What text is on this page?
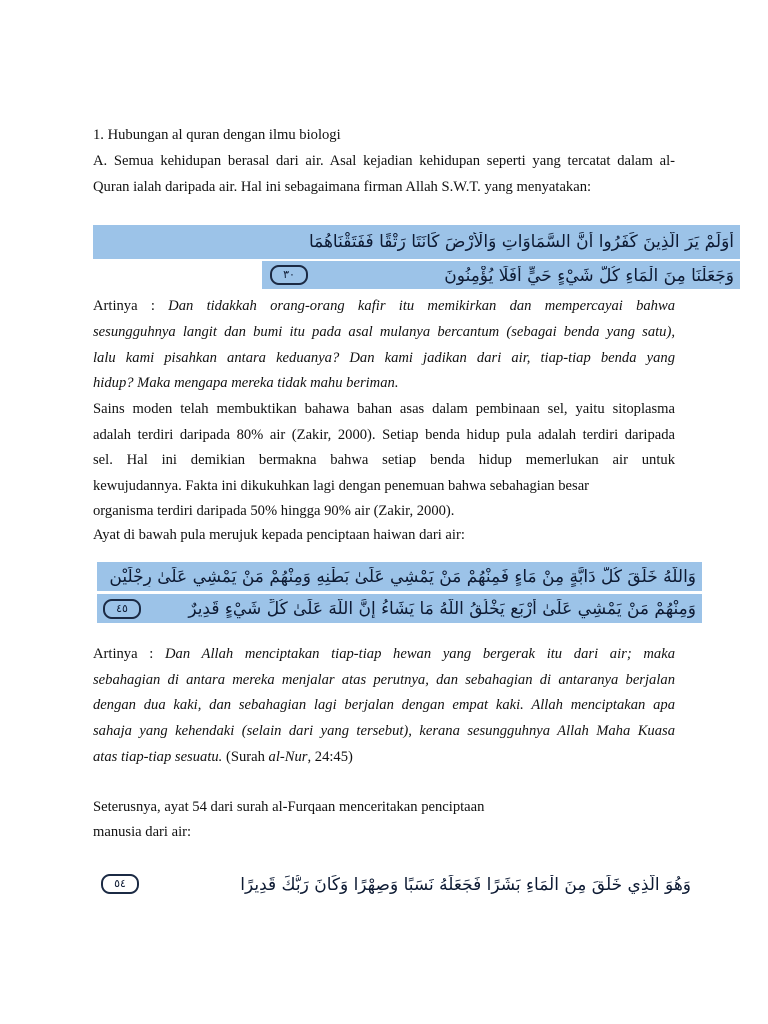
1. Hubungan al quran dengan ilmu biologi
A. Semua kehidupan berasal dari air. Asal kejadian kehidupan seperti yang tercatat dalam al-
Quran ialah daripada air. Hal ini sebagaimana firman Allah S.W.T. yang menyatakan:
أَوَلَمْ يَرَ الَّذِينَ كَفَرُوا أَنَّ السَّمَاوَاتِ وَالْأَرْضَ كَانَتَا رَتْقًا فَفَتَقْنَاهُمَا
وَجَعَلْنَا مِنَ الْمَاءِ كُلَّ شَيْءٍ حَيٍّ أَفَلَا يُؤْمِنُونَ
٣٠
Artinya : Dan tidakkah orang-orang kafir itu memikirkan dan mempercayai bahwa
sesungguhnya langit dan bumi itu pada asal mulanya bercantum (sebagai benda yang satu),
lalu kami pisahkan antara keduanya? Dan kami jadikan dari air, tiap-tiap benda yang
hidup? Maka mengapa mereka tidak mahu beriman.
Sains moden telah membuktikan bahawa bahan asas dalam pembinaan sel, yaitu sitoplasma
adalah terdiri daripada 80% air (Zakir, 2000). Setiap benda hidup pula adalah terdiri daripada
sel. Hal ini demikian bermakna bahwa setiap benda hidup memerlukan air untuk
kewujudannya. Fakta ini dikukuhkan lagi dengan penemuan bahwa sebahagian besar
organisma terdiri daripada 50% hingga 90% air (Zakir, 2000).
Ayat di bawah pula merujuk kepada penciptaan haiwan dari air:
وَاللَّهُ خَلَقَ كُلَّ دَابَّةٍ مِنْ مَاءٍ فَمِنْهُمْ مَنْ يَمْشِي عَلَىٰ بَطْنِهِ وَمِنْهُمْ مَنْ يَمْشِي عَلَىٰ رِجْلَيْنِ
وَمِنْهُمْ مَنْ يَمْشِي عَلَىٰ أَرْبَعٍ يَخْلُقُ اللَّهُ مَا يَشَاءُ إِنَّ اللَّهَ عَلَىٰ كُلِّ شَيْءٍ قَدِيرٌ
٤٥
Artinya : Dan Allah menciptakan tiap-tiap hewan yang bergerak itu dari air; maka
sebahagian di antara mereka menjalar atas perutnya, dan sebahagian di antaranya berjalan
dengan dua kaki, dan sebahagian lagi berjalan dengan empat kaki. Allah menciptakan apa
sahaja yang kehendaki (selain dari yang tersebut), kerana sesungguhnya Allah Maha Kuasa
atas tiap-tiap sesuatu. (Surah al-Nur, 24:45)
Seterusnya, ayat 54 dari surah al-Furqaan menceritakan penciptaan
manusia dari air:
وَهُوَ الَّذِي خَلَقَ مِنَ الْمَاءِ بَشَرًا فَجَعَلَهُ نَسَبًا وَصِهْرًا وَكَانَ رَبُّكَ قَدِيرًا
٥٤
